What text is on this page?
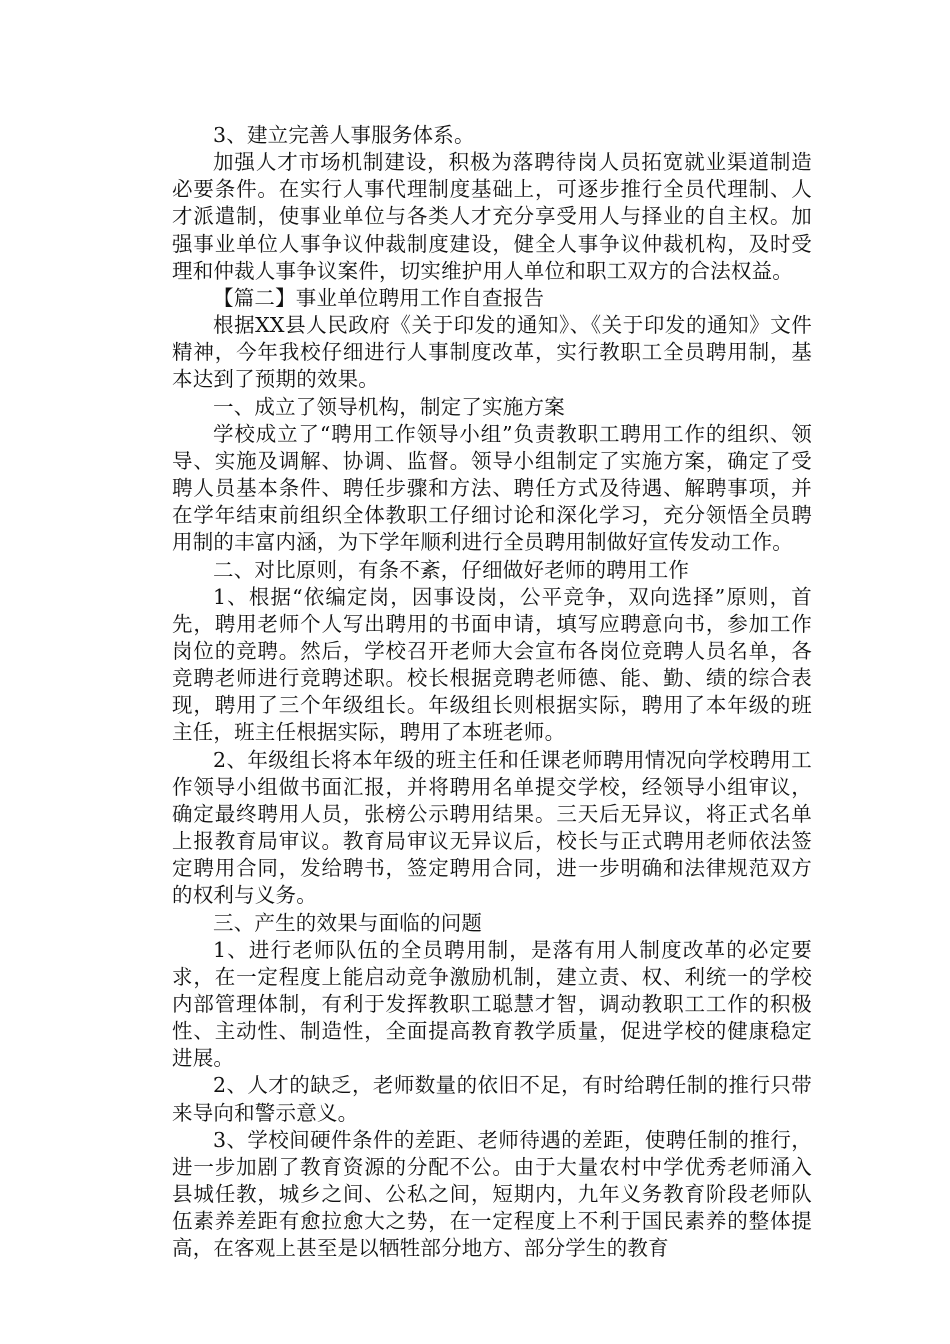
3、建立完善人事服务体系。

加强人才市场机制建设，积极为落聘待岗人员拓宽就业渠道制造必要条件。在实行人事代理制度基础上，可逐步推行全员代理制、人才派遣制，使事业单位与各类人才充分享受用人与择业的自主权。加强事业单位人事争议仲裁制度建设，健全人事争议仲裁机构，及时受理和仲裁人事争议案件，切实维护用人单位和职工双方的合法权益。

【篇二】事业单位聘用工作自查报告

根据XX县人民政府《关于印发的通知》、《关于印发的通知》文件精神，今年我校仔细进行人事制度改革，实行教职工全员聘用制，基本达到了预期的效果。

一、成立了领导机构，制定了实施方案

学校成立了“聘用工作领导小组”负责教职工聘用工作的组织、领导、实施及调解、协调、监督。领导小组制定了实施方案，确定了受聘人员基本条件、聘任步骤和方法、聘任方式及待遇、解聘事项，并在学年结束前组织全体教职工仔细讨论和深化学习，充分领悟全员聘用制的丰富内涵，为下学年顺利进行全员聘用制做好宣传发动工作。

二、对比原则，有条不紊，仔细做好老师的聘用工作

1、根据“依编定岗，因事设岗，公平竞争，双向选择”原则，首先，聘用老师个人写出聘用的书面申请，填写应聘意向书，参加工作岗位的竞聘。然后，学校召开老师大会宣布各岗位竞聘人员名单，各竞聘老师进行竞聘述职。校长根据竞聘老师德、能、勤、绩的综合表现，聘用了三个年级组长。年级组长则根据实际，聘用了本年级的班主任，班主任根据实际，聘用了本班老师。

2、年级组长将本年级的班主任和任课老师聘用情况向学校聘用工作领导小组做书面汇报，并将聘用名单提交学校，经领导小组审议，确定最终聘用人员，张榜公示聘用结果。三天后无异议，将正式名单上报教育局审议。教育局审议无异议后，校长与正式聘用老师依法签定聘用合同，发给聘书，签定聘用合同，进一步明确和法律规范双方的权利与义务。

三、产生的效果与面临的问题

1、进行老师队伍的全员聘用制，是落有用人制度改革的必定要求，在一定程度上能启动竞争激励机制，建立责、权、利统一的学校内部管理体制，有利于发挥教职工聪慧才智，调动教职工工作的积极性、主动性、制造性，全面提高教育教学质量，促进学校的健康稳定进展。

2、人才的缺乏，老师数量的依旧不足，有时给聘任制的推行只带来导向和警示意义。

3、学校间硬件条件的差距、老师待遇的差距，使聘任制的推行，进一步加剧了教育资源的分配不公。由于大量农村中学优秀老师涌入县城任教，城乡之间、公私之间，短期内，九年义务教育阶段老师队伍素养差距有愈拉愈大之势，在一定程度上不利于国民素养的整体提高，在客观上甚至是以牺牲部分地方、部分学生的教育
